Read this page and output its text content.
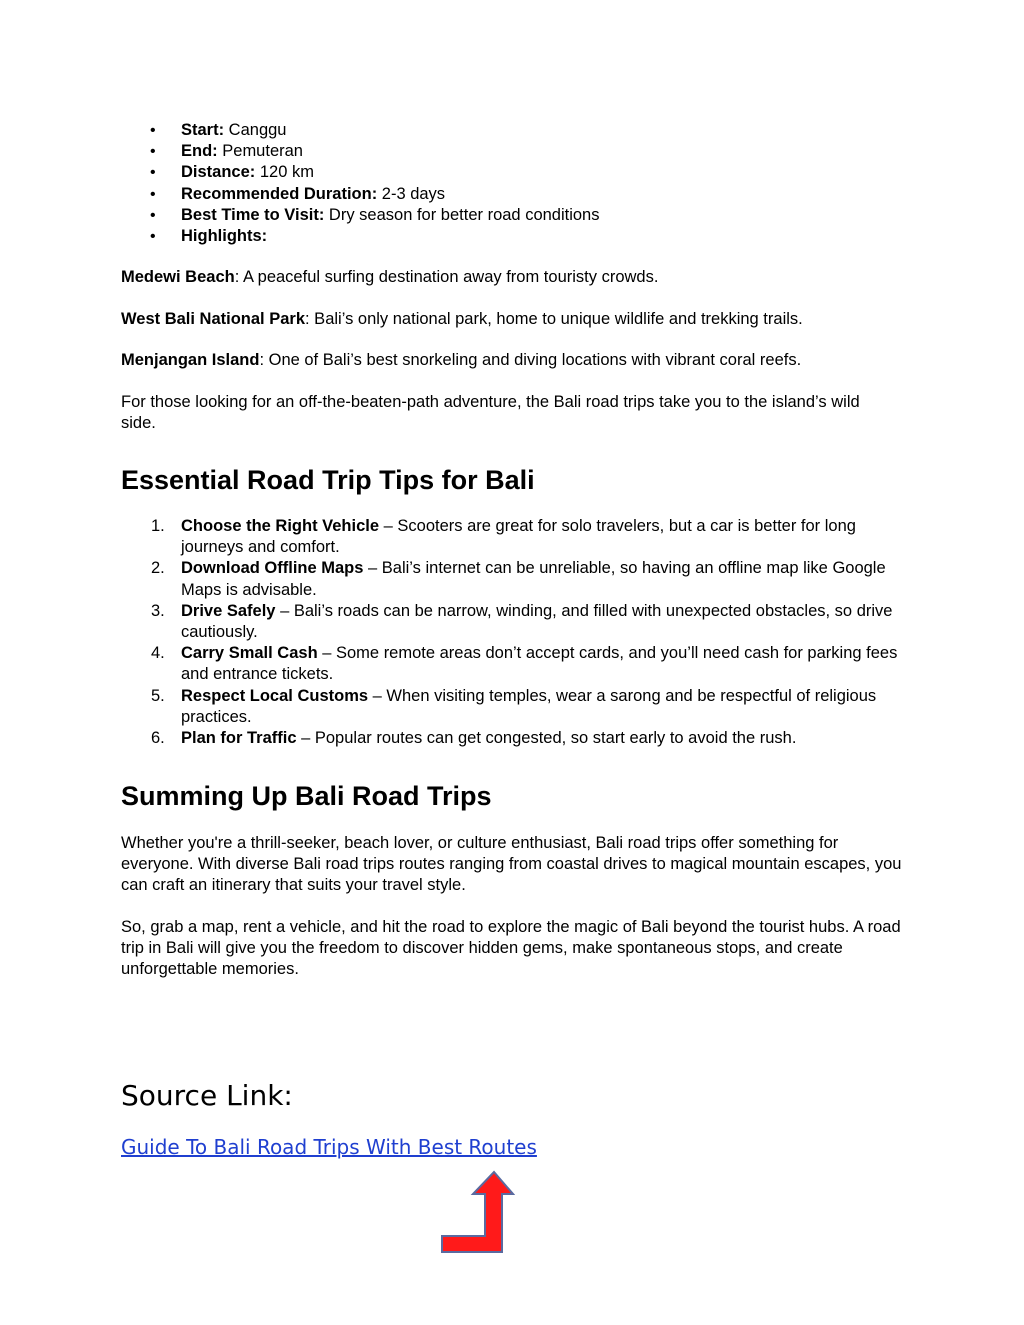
• Start: Canggu
• End: Pemuteran
• Distance: 120 km
• Recommended Duration: 2-3 days
• Best Time to Visit: Dry season for better road conditions
• Highlights:

Medewi Beach: A peaceful surfing destination away from touristy crowds.

West Bali National Park: Bali’s only national park, home to unique wildlife and trekking trails.

Menjangan Island: One of Bali’s best snorkeling and diving locations with vibrant coral reefs.

For those looking for an off-the-beaten-path adventure, the Bali road trips take you to the island’s wild side.

Essential Road Trip Tips for Bali
1. Choose the Right Vehicle – Scooters are great for solo travelers, but a car is better for long journeys and comfort.
2. Download Offline Maps – Bali’s internet can be unreliable, so having an offline map like Google Maps is advisable.
3. Drive Safely – Bali’s roads can be narrow, winding, and filled with unexpected obstacles, so drive cautiously.
4. Carry Small Cash – Some remote areas don’t accept cards, and you’ll need cash for parking fees and entrance tickets.
5. Respect Local Customs – When visiting temples, wear a sarong and be respectful of religious practices.
6. Plan for Traffic – Popular routes can get congested, so start early to avoid the rush.
Summing Up Bali Road Trips

Whether you're a thrill-seeker, beach lover, or culture enthusiast, Bali road trips offer something for everyone. With diverse Bali road trips routes ranging from coastal drives to magical mountain escapes, you can craft an itinerary that suits your travel style.

So, grab a map, rent a vehicle, and hit the road to explore the magic of Bali beyond the tourist hubs. A road trip in Bali will give you the freedom to discover hidden gems, make spontaneous stops, and create unforgettable memories.

Source Link:
Guide To Bali Road Trips With Best Routes
